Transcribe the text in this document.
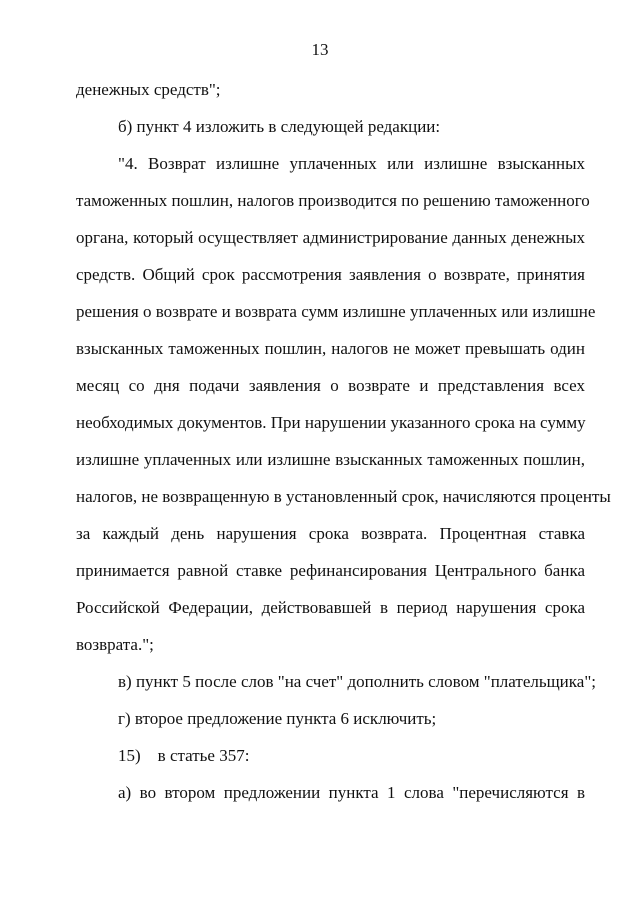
13
денежных средств";
б) пункт 4 изложить в следующей редакции:
"4. Возврат излишне уплаченных или излишне взысканных
таможенных пошлин, налогов производится по решению таможенного
органа, который осуществляет администрирование данных денежных
средств. Общий срок рассмотрения заявления о возврате, принятия
решения о возврате и возврата сумм излишне уплаченных или излишне
взысканных таможенных пошлин, налогов не может превышать один
месяц со дня подачи заявления о возврате и представления всех
необходимых документов. При нарушении указанного срока на сумму
излишне уплаченных или излишне взысканных таможенных пошлин,
налогов, не возвращенную в установленный срок, начисляются проценты
за каждый день нарушения срока возврата. Процентная ставка
принимается равной ставке рефинансирования Центрального банка
Российской Федерации, действовавшей в период нарушения срока
возврата.";
в) пункт 5 после слов "на счет" дополнить словом "плательщика";
г) второе предложение пункта 6 исключить;
15)    в статье 357:
а) во втором предложении пункта 1 слова "перечисляются в
